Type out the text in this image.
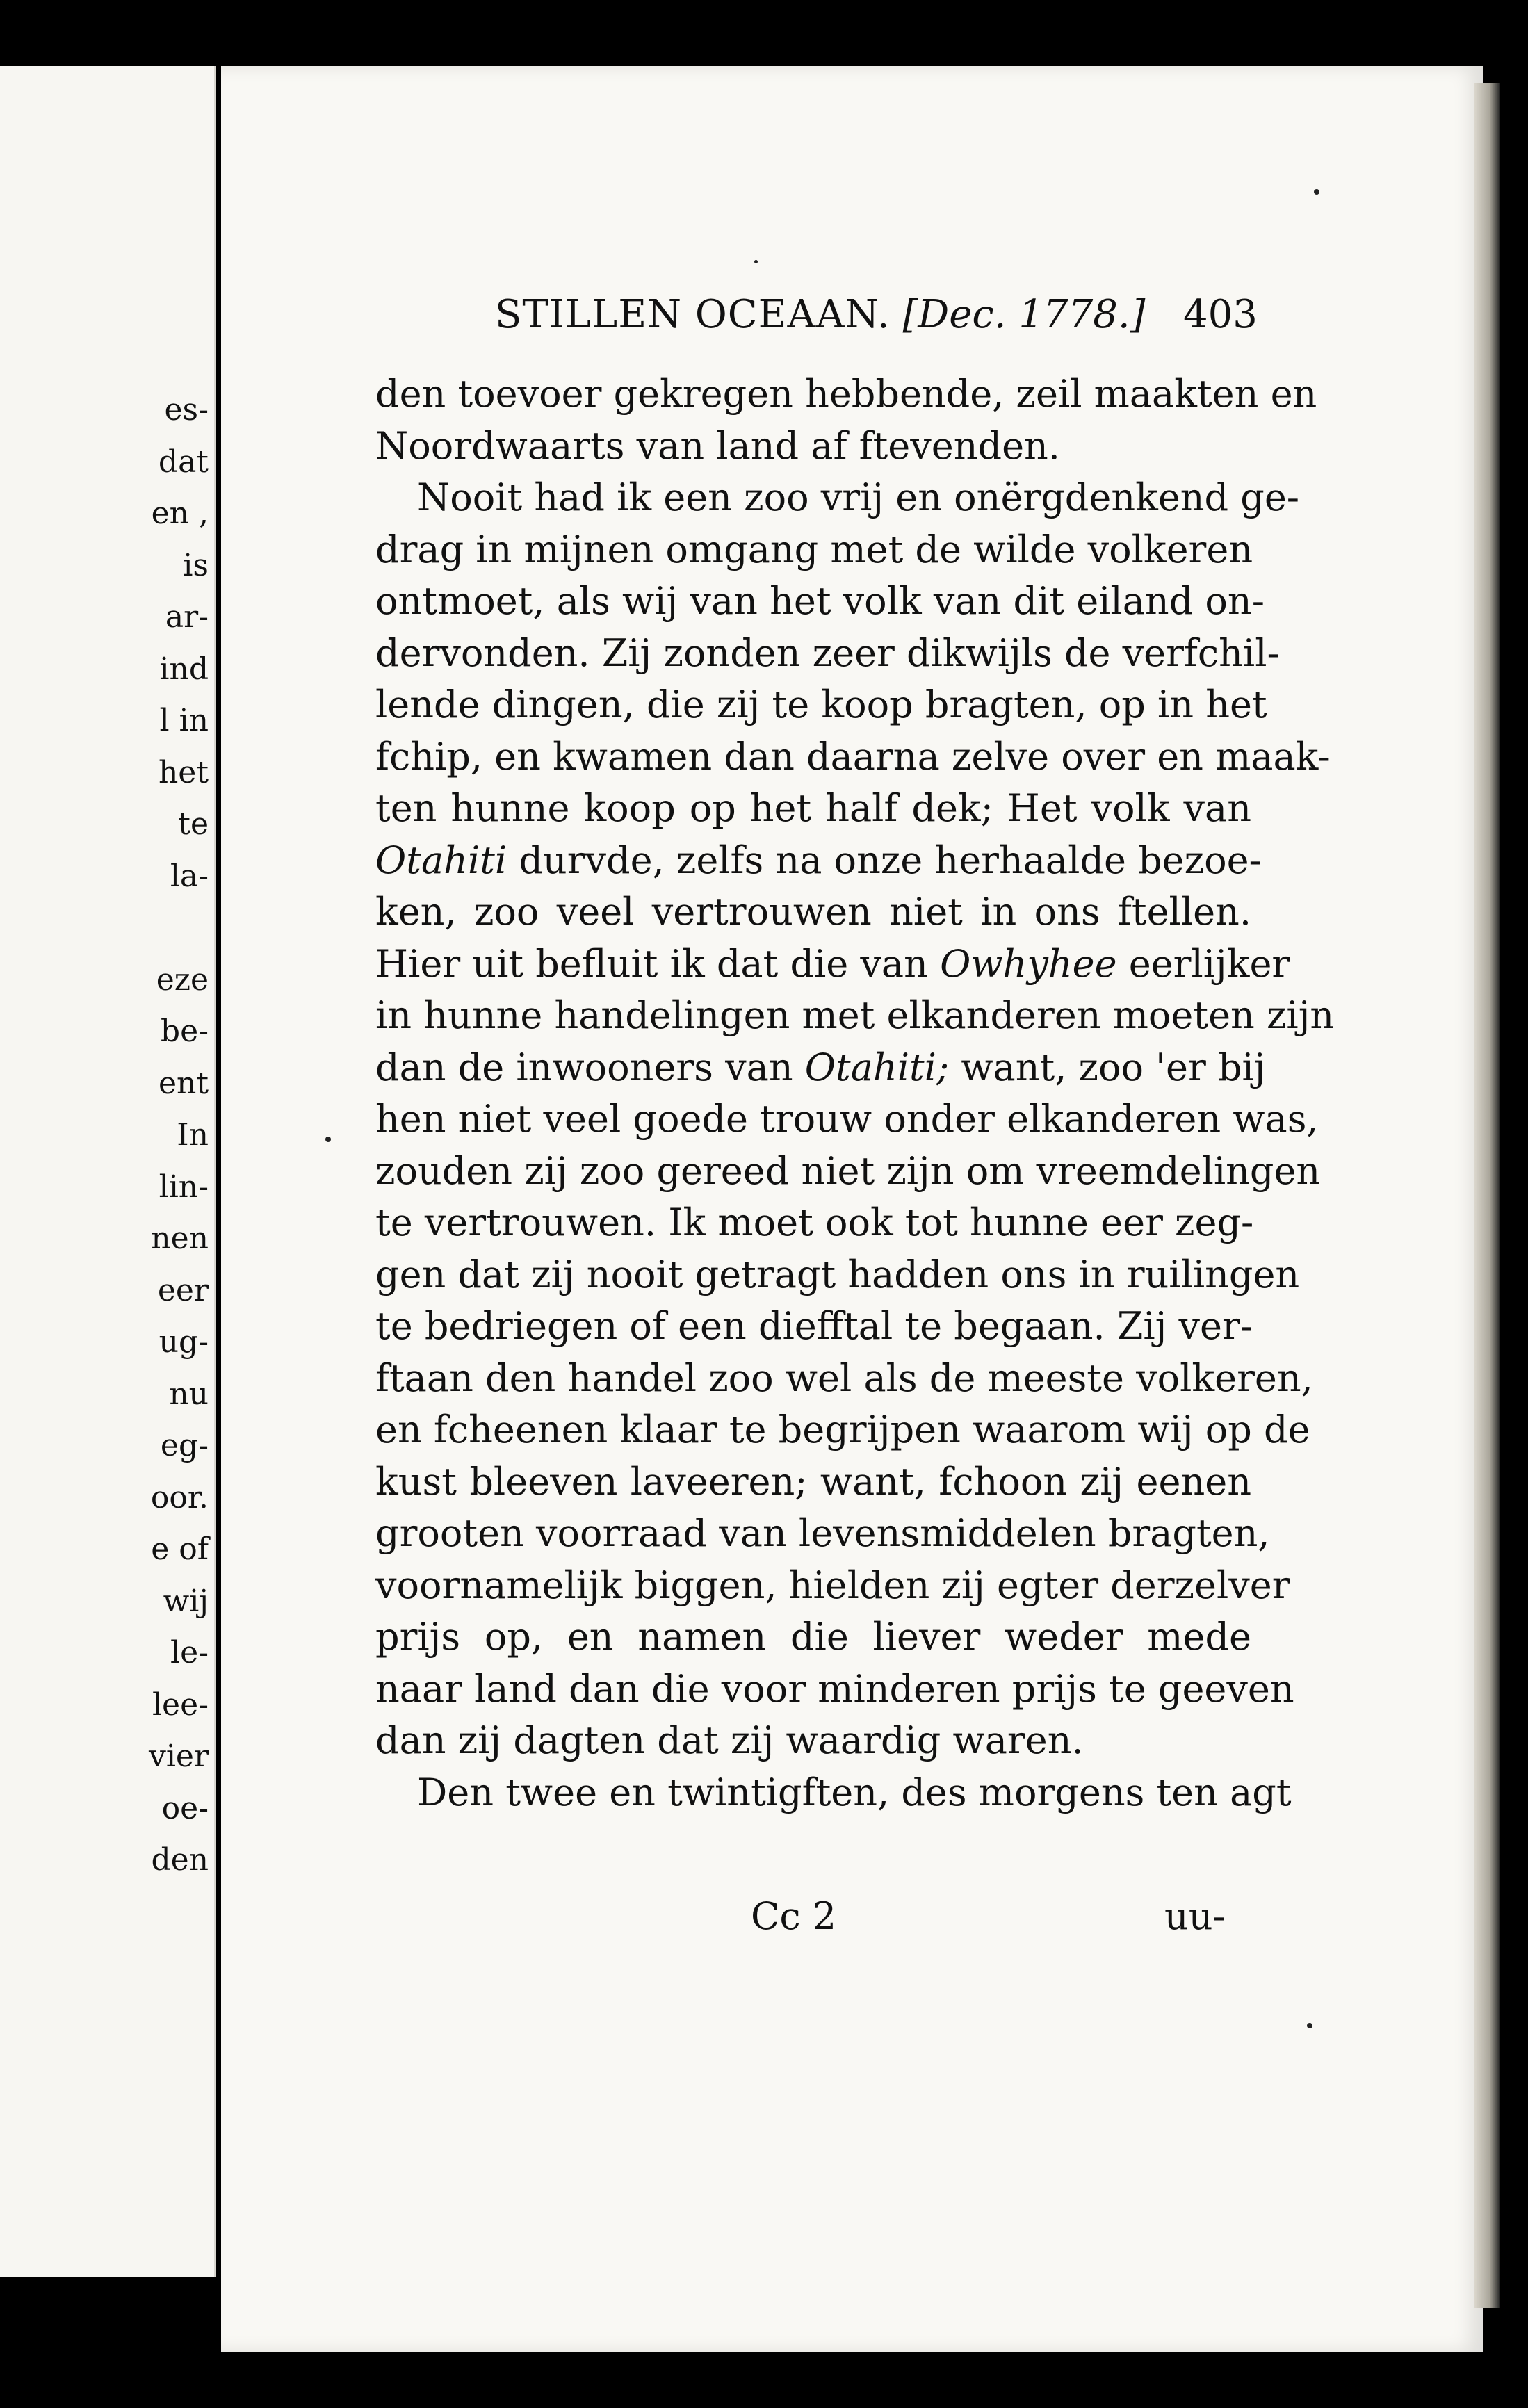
es-
dat
en ,
is
ar-
ind
l in
het
te
la-
eze
be-
ent
In
lin-
nen
eer
ug-
nu
eg-
oor.
e of
wij
le-
lee-
vier
oe-
den
STILLEN OCEAAN. [Dec. 1778.] 403
den toevoer gekregen hebbende, zeil maakten en
Noordwaarts van land af ftevenden.
Nooit had ik een zoo vrij en onërgdenkend ge-
drag in mijnen omgang met de wilde volkeren
ontmoet, als wij van het volk van dit eiland on-
dervonden. Zij zonden zeer dikwijls de verfchil-
lende dingen, die zij te koop bragten, op in het
fchip, en kwamen dan daarna zelve over en maak-
ten hunne koop op het half dek; Het volk van
Otahiti durvde, zelfs na onze herhaalde bezoe-
ken, zoo veel vertrouwen niet in ons ftellen.
Hier uit befluit ik dat die van Owhyhee eerlijker
in hunne handelingen met elkanderen moeten zijn
dan de inwooners van Otahiti; want, zoo 'er bij
hen niet veel goede trouw onder elkanderen was,
zouden zij zoo gereed niet zijn om vreemdelingen
te vertrouwen. Ik moet ook tot hunne eer zeg-
gen dat zij nooit getragt hadden ons in ruilingen
te bedriegen of een diefftal te begaan. Zij ver-
ftaan den handel zoo wel als de meeste volkeren,
en fcheenen klaar te begrijpen waarom wij op de
kust bleeven laveeren; want, fchoon zij eenen
grooten voorraad van levensmiddelen bragten,
voornamelijk biggen, hielden zij egter derzelver
prijs op, en namen die liever weder mede
naar land dan die voor minderen prijs te geeven
dan zij dagten dat zij waardig waren.
Den twee en twintigften, des morgens ten agt
Cc 2	uu-
